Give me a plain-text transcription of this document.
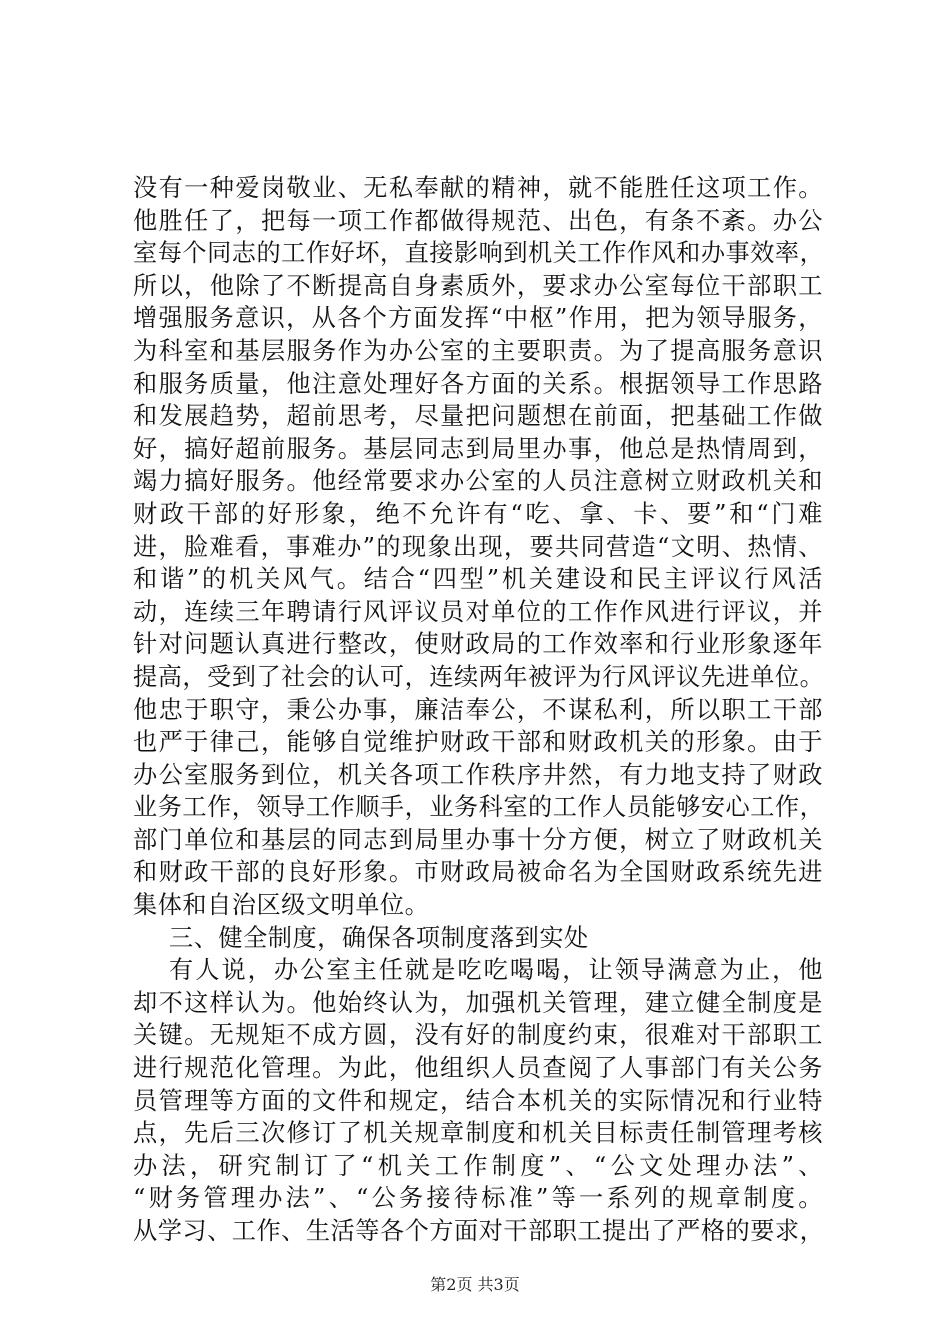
没有一种爱岗敬业、无私奉献的精神，就不能胜任这项工作。
他胜任了，把每一项工作都做得规范、出色，有条不紊。办公
室每个同志的工作好坏，直接影响到机关工作作风和办事效率，
所以，他除了不断提高自身素质外，要求办公室每位干部职工
增强服务意识，从各个方面发挥“中枢”作用，把为领导服务，
为科室和基层服务作为办公室的主要职责。为了提高服务意识
和服务质量，他注意处理好各方面的关系。根据领导工作思路
和发展趋势，超前思考，尽量把问题想在前面，把基础工作做
好，搞好超前服务。基层同志到局里办事，他总是热情周到，
竭力搞好服务。他经常要求办公室的人员注意树立财政机关和
财政干部的好形象，绝不允许有“吃、拿、卡、要”和“门难
进，脸难看，事难办”的现象出现，要共同营造“文明、热情、
和谐”的机关风气。结合“四型”机关建设和民主评议行风活
动，连续三年聘请行风评议员对单位的工作作风进行评议，并
针对问题认真进行整改，使财政局的工作效率和行业形象逐年
提高，受到了社会的认可，连续两年被评为行风评议先进单位。
他忠于职守，秉公办事，廉洁奉公，不谋私利，所以职工干部
也严于律己，能够自觉维护财政干部和财政机关的形象。由于
办公室服务到位，机关各项工作秩序井然，有力地支持了财政
业务工作，领导工作顺手，业务科室的工作人员能够安心工作，
部门单位和基层的同志到局里办事十分方便，树立了财政机关
和财政干部的良好形象。市财政局被命名为全国财政系统先进
集体和自治区级文明单位。
三、健全制度，确保各项制度落到实处
有人说，办公室主任就是吃吃喝喝，让领导满意为止，他
却不这样认为。他始终认为，加强机关管理，建立健全制度是
关键。无规矩不成方圆，没有好的制度约束，很难对干部职工
进行规范化管理。为此，他组织人员查阅了人事部门有关公务
员管理等方面的文件和规定，结合本机关的实际情况和行业特
点，先后三次修订了机关规章制度和机关目标责任制管理考核
办法，研究制订了“机关工作制度”、“公文处理办法”、
“财务管理办法”、“公务接待标准”等一系列的规章制度。
从学习、工作、生活等各个方面对干部职工提出了严格的要求，
第2页 共3页
